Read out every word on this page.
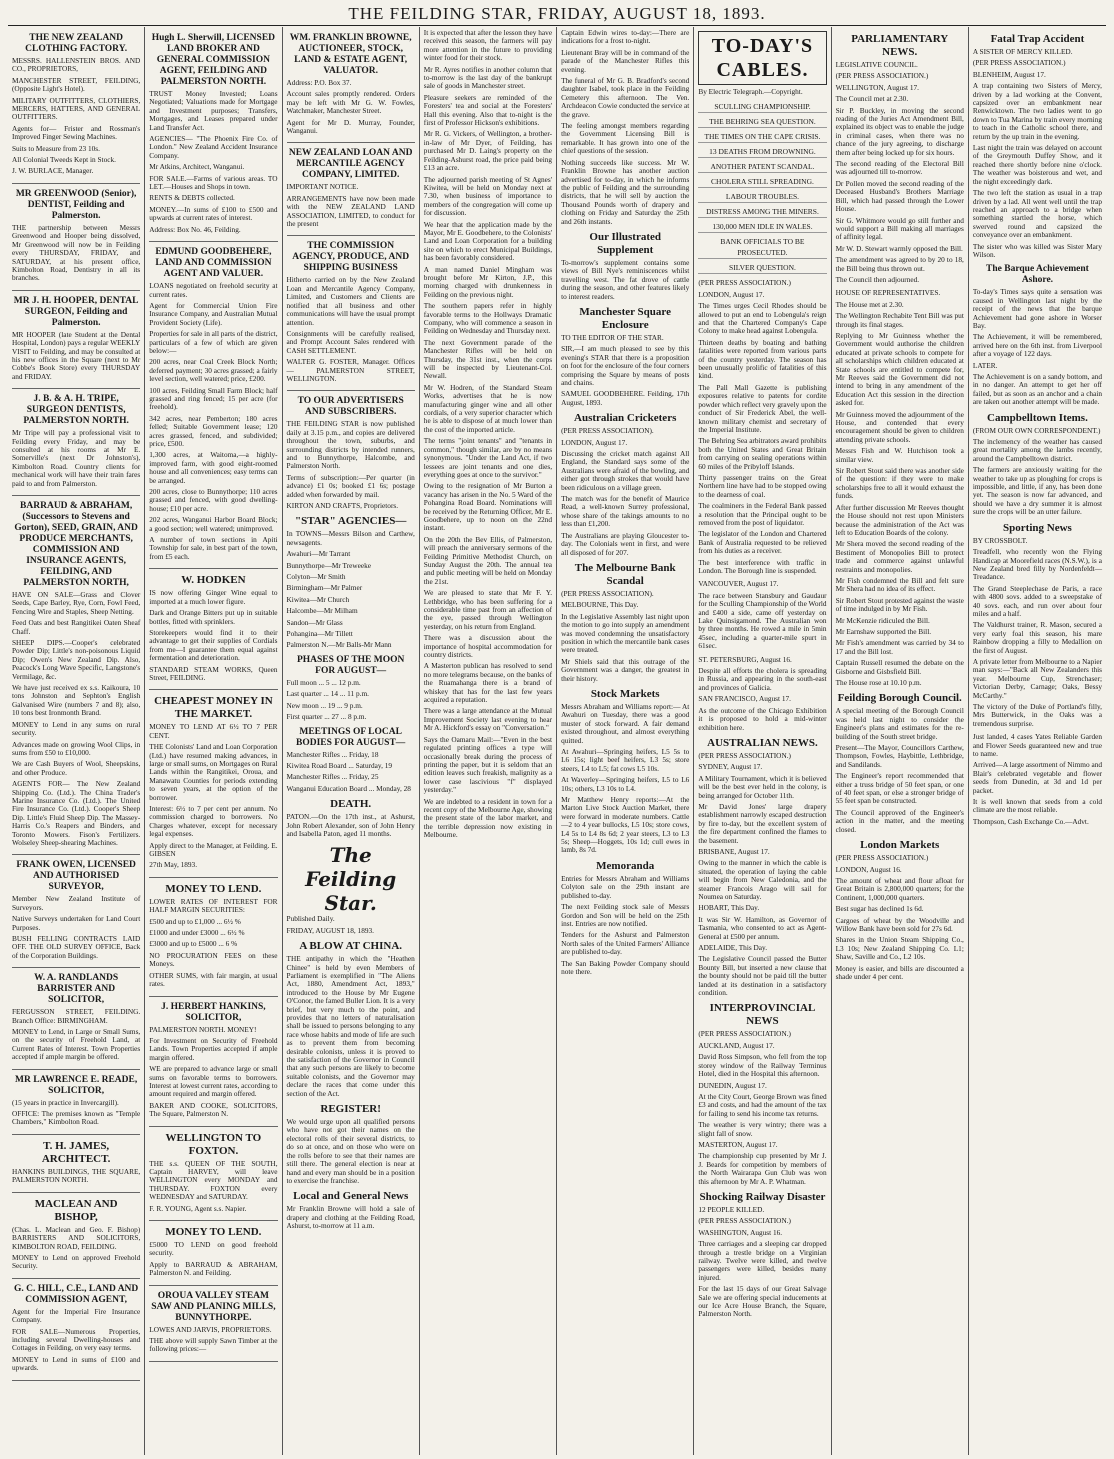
THE FEILDING STAR, FRIDAY, AUGUST 18, 1893.
THE NEW ZEALAND CLOTHING FACTORY.

MESSRS. HALLENSTEIN BROS. AND CO., PROPRIETORS,

MANCHESTER STREET, FEILDING, (Opposite Light's Hotel).

MILITARY OUTFITTERS, CLOTHIERS, MERCERS, HATTERS, AND GENERAL OUTFITTERS.

Agents for— Frister and Rossman's Improved Finger Sewing Machines.

Suits to Measure from 23 10s.

All Colonial Tweeds Kept in Stock.

J. W. BURLACE, Manager.

MR GREENWOOD (Senior), DENTIST, Feilding and Palmerston.

THE partnership between Messrs Greenwood and Hooper being dissolved, Mr Greenwood will now be in Feilding every THURSDAY, FRIDAY, and SATURDAY, at his present office, Kimbolton Road, Dentistry in all its branches.

MR J. H. HOOPER, DENTAL SURGEON, Feilding and Palmerston.

MR HOOPER (late Student at the Dental Hospital, London) pays a regular WEEKLY VISIT to Feilding, and may be consulted at his new offices in the Square (next to Mr Cobbe's Book Store) every THURSDAY and FRIDAY.

J. B. & A. H. TRIPE, SURGEON DENTISTS, PALMERSTON NORTH.

Mr Tripe will pay a professional visit to Feilding every Friday, and may be consulted at his rooms at Mr E. Somerville's (next Dr Johnston's), Kimbolton Road. Country clients for mechanical work will have their train fares paid to and from Palmerston.

BARRAUD & ABRAHAM, (Successors to Stevens and Gorton), SEED, GRAIN, AND PRODUCE MERCHANTS, COMMISSION AND INSURANCE AGENTS, FEILDING, AND PALMERSTON NORTH,

HAVE ON SALE—Grass and Clover Seeds, Cape Barley, Rye, Corn, Fowl Feed, Fencing Wire and Staples, Sheep Netting.

Feed Oats and best Rangitikei Oaten Sheaf Chaff.

SHEEP DIPS.—Cooper's celebrated Powder Dip; Little's non-poisonous Liquid Dip; Owen's New Zealand Dip. Also, Peacock's Long Wave Specific, Langstone's Vermilage, &c.

We have just received ex s.s. Kaikoura, 10 tons Johnston and Sephton's English Galvanised Wire (numbers 7 and 8); also, 10 tons best Ironmonth Brand.

MONEY to Lend in any sums on rural security.

Advances made on growing Wool Clips, in sums from £50 to £10,000.

We are Cash Buyers of Wool, Sheepskins, and other Produce.

AGENTS FOR— The New Zealand Shipping Co. (Ltd.). The China Trader's Marine Insurance Co. (Ltd.). The United Fire Insurance Co. (Ltd.). Cooper's Sheep Dip. Little's Fluid Sheep Dip. The Massey-Harris Co.'s Reapers and Binders, and Toronto Mowers. Fison's Fertilizers. Wolseley Sheep-shearing Machines.

FRANK OWEN, LICENSED AND AUTHORISED SURVEYOR,

Member New Zealand Institute of Surveyors.

Native Surveys undertaken for Land Court Purposes.

BUSH FELLING CONTRACTS LAID OFF. THE OLD SURVEY OFFICE, Back of the Corporation Buildings.

W. A. RANDLANDS BARRISTER AND SOLICITOR,

FERGUSSON STREET, FEILDING. Branch Office: BIRMINGHAM.

MONEY to Lend, in Large or Small Sums, on the security of Freehold Land, at Current Rates of Interest. Town Properties accepted if ample margin be offered.

MR LAWRENCE E. READE, SOLICITOR,

(15 years in practice in Invercargill).

OFFICE: The premises known as "Temple Chambers," Kimbolton Road.

T. H. JAMES, ARCHITECT.

HANKINS BUILDINGS, THE SQUARE, PALMERSTON NORTH.

MACLEAN AND BISHOP,

(Chas. L. Maclean and Geo. F. Bishop) BARRISTERS AND SOLICITORS, KIMBOLTON ROAD, FEILDING.

MONEY to Lend on approved Freehold Security.

G. C. HILL, C.E., LAND AND COMMISSION AGENT,

Agent for the Imperial Fire Insurance Company.

FOR SALE—Numerous Properties, including several Dwelling-houses and Cottages in Feilding, on very easy terms.

MONEY to Lend in sums of £100 and upwards.

Hugh L. Sherwill, LICENSED LAND BROKER AND GENERAL COMMISSION AGENT, FEILDING AND PALMERSTON NORTH.

TRUST Money Invested; Loans Negotiated; Valuations made for Mortgage and Investment purposes; Transfers, Mortgages, and Leases prepared under Land Transfer Act.

AGENCIES— "The Phoenix Fire Co. of London." New Zealand Accident Insurance Company.

Mr Atkins, Architect, Wanganui.

FOR SALE.—Farms of various areas. TO LET.—Houses and Shops in town.

RENTS & DEBTS collected.

MONEY.—In sums of £100 to £500 and upwards at current rates of interest.

Address: Box No. 46, Feilding.

EDMUND GOODBEHERE, LAND AND COMMISSION AGENT AND VALUER.

LOANS negotiated on freehold security at current rates.

Agent for Commercial Union Fire Insurance Company, and Australian Mutual Provident Society (Life).

Properties for sale in all parts of the district, particulars of a few of which are given below:—

200 acres, near Coal Creek Block North; deferred payment; 30 acres grassed; a fairly level section, well watered; price, £200.

100 acres, Feilding Small Farm Block; half grassed and ring fenced; 15 per acre (for freehold).

342 acres, near Pemberton; 180 acres felled; Suitable Government lease; 120 acres grassed, fenced, and subdivided; price, £500.

1,300 acres, at Waitoma,—a highly-improved farm, with good eight-roomed house and all conveniences; easy terms can be arranged.

200 acres, close to Bunnythorpe; 110 acres grassed and fenced, with good dwelling-house; £10 per acre.

202 acres, Wanganui Harbor Board Block; a good section; well watered; unimproved.

A number of town sections in Apiti Township for sale, in best part of the town, from £5 each.

W. HODKEN

IS now offering Ginger Wine equal to imported at a much lower figure.

Dark and Orange Bitters put up in suitable bottles, fitted with sprinklers.

Storekeepers would find it to their advantage to get their supplies of Cordials from me—I guarantee them equal against fermentation and deterioration.

STANDARD STEAM WORKS, Queen Street, FEILDING.

CHEAPEST MONEY IN THE MARKET.

MONEY TO LEND AT 6½ TO 7 PER CENT.

THE Colonists' Land and Loan Corporation (Ltd.) have resumed making advances, in large or small sums, on Mortgages on Rural Lands within the Rangitikei, Oroua, and Manawatu Counties for periods extending to seven years, at the option of the borrower.

Interest: 6½ to 7 per cent per annum. No commission charged to borrowers. No Charges whatever, except for necessary legal expenses.

Apply direct to the Manager, at Feilding. E. GIBSEN

27th May, 1893.

MONEY TO LEND.

LOWER RATES OF INTEREST FOR HALF MARGIN SECURITIES:

£500 and up to £1,000 ... 6½ %

£1000 and under £3000 ... 6½ %

£3000 and up to £5000 ... 6 %

NO PROCURATION FEES on these Moneys.

OTHER SUMS, with fair margin, at usual rates.

J. HERBERT HANKINS, SOLICITOR,

PALMERSTON NORTH. MONEY!

For Investment on Security of Freehold Lands. Town Properties accepted if ample margin offered.

WE are prepared to advance large or small sums on favorable terms to borrowers. Interest at lowest current rates, according to amount required and margin offered.

BAKER AND COOKE, SOLICITORS, The Square, Palmerston N.

WELLINGTON TO FOXTON.

THE s.s. QUEEN OF THE SOUTH, Captain HARVEY, will leave WELLINGTON every MONDAY and THURSDAY. FOXTON every WEDNESDAY and SATURDAY.

F. R. YOUNG, Agent s.s. Napier.

MONEY TO LEND.

£5000 TO LEND on good freehold security.

Apply to BARRAUD & ABRAHAM, Palmerston N. and Feilding.

OROUA VALLEY STEAM SAW AND PLANING MILLS, BUNNYTHORPE.

LOWES AND JARVIS, PROPRIETORS.

THE above will supply Sawn Timber at the following prices:—

WM. FRANKLIN BROWNE, AUCTIONEER, STOCK, LAND & ESTATE AGENT, VALUATOR.

Address: P.O. Box 37.

Account sales promptly rendered. Orders may be left with Mr G. W. Fowles, Watchmaker, Manchester Street.

Agent for Mr D. Murray, Founder, Wanganui.

NEW ZEALAND LOAN AND MERCANTILE AGENCY COMPANY, LIMITED.

IMPORTANT NOTICE.

ARRANGEMENTS have now been made with the NEW ZEALAND LAND ASSOCIATION, LIMITED, to conduct for the present

THE COMMISSION AGENCY, PRODUCE, AND SHIPPING BUSINESS

Hitherto carried on by the New Zealand Loan and Mercantile Agency Company, Limited, and Customers and Clients are notified that all business and other communications will have the usual prompt attention.

Consignments will be carefully realised, and Prompt Account Sales rendered with CASH SETTLEMENT.

WALTER G. FOSTER, Manager. Offices— PALMERSTON STREET, WELLINGTON.

TO OUR ADVERTISERS AND SUBSCRIBERS.

THE FEILDING STAR is now published daily at 3.15 p.m., and copies are delivered throughout the town, suburbs, and surrounding districts by intended runners, and to Bunnythorpe, Halcombe, and Palmerston North.

Terms of subscription:—Per quarter (in advance) £1 0s; booked £1 6s; postage added when forwarded by mail.

KIRTON AND CRAFTS, Proprietors.

"STAR" AGENCIES—

In TOWNS—Messrs Bilson and Carthew, newsagents.

Awahuri—Mr Tarrant

Bunnythorpe—Mr Treweeke

Colyton—Mr Smith

Birmingham—Mr Palmer

Kiwitea—Mr Church

Halcombe—Mr Milham

Sandon—Mr Glass

Pohangina—Mr Tillett

Palmerston N.—Mr Balls-Mr Mann

PHASES OF THE MOON FOR AUGUST—

Full moon ... 5 ... 12 p.m.

Last quarter ... 14 ... 11 p.m.

New moon ... 19 ... 9 p.m.

First quarter ... 27 ... 8 p.m.

MEETINGS OF LOCAL BODIES FOR AUGUST—

Manchester Rifles ... Friday, 18

Kiwitea Road Board ... Saturday, 19

Manchester Rifles ... Friday, 25

Wanganui Education Board ... Monday, 28

DEATH.

PATON.—On the 17th inst., at Ashurst, John Robert Alexander, son of John Henry and Isabella Paton, aged 11 months.

The Feilding Star.

Published Daily.

FRIDAY, AUGUST 18, 1893.

A BLOW AT CHINA.

THE antipathy in which the "Heathen Chinee" is held by even Members of Parliament is exemplified in "The Aliens Act, 1880, Amendment Act, 1893," introduced to the House by Mr Eugene O'Conor, the famed Buller Lion. It is a very brief, but very much to the point, and provides that no letters of naturalisation shall be issued to persons belonging to any race whose habits and mode of life are such as to prevent them from becoming desirable colonists, unless it is proved to the satisfaction of the Governor in Council that any such persons are likely to become suitable colonists, and the Governor may declare the races that come under this section of the Act.

REGISTER!

We would urge upon all qualified persons who have not got their names on the electoral rolls of their several districts, to do so at once, and on those who were on the rolls before to see that their names are still there. The general election is near at hand and every man should be in a position to exercise the franchise.

Local and General News

Mr Franklin Browne will hold a sale of drapery and clothing at the Feilding Road, Ashurst, to-morrow at 11 a.m.

It is expected that after the lesson they have received this season, the farmers will pay more attention in the future to providing winter food for their stock.

Mr R. Ayres notifies in another column that to-morrow is the last day of the bankrupt sale of goods in Manchester street.

Pleasure seekers are reminded of the Foresters' tea and social at the Foresters' Hall this evening. Also that to-night is the first of Professor Hickson's exhibitions.

Mr R. G. Vickers, of Wellington, a brother-in-law of Mr Dyer, of Feilding, has purchased Mr D. Laing's property on the Feilding-Ashurst road, the price paid being £13 an acre.

The adjourned parish meeting of St Agnes' Kiwitea, will be held on Monday next at 7.30, when business of importance to members of the congregation will come up for discussion.

We hear that the application made by the Mayor, Mr E. Goodbehere, to the Colonists' Land and Loan Corporation for a building site on which to erect Municipal Buildings, has been favorably considered.

A man named Daniel Mingham was brought before Mr Kirton, J.P., this morning charged with drunkenness in Feilding on the previous night.

The southern papers refer in highly favorable terms to the Hollways Dramatic Company, who will commence a season in Feilding on Wednesday and Thursday next.

The next Government parade of the Manchester Rifles will be held on Thursday, the 31st inst., when the corps will be inspected by Lieutenant-Col. Newall.

Mr W. Hodren, of the Standard Steam Works, advertises that he is now manufacturing ginger wine and all other cordials, of a very superior character which he is able to dispose of at much lower than the cost of the imported article.

The terms "joint tenants" and "tenants in common," though similar, are by no means synonymous. "Under the Land Act, if two lessees are joint tenants and one dies, everything goes at once to the survivor."

Owing to the resignation of Mr Burton a vacancy has arisen in the No. 5 Ward of the Pohangina Road Board. Nominations will be received by the Returning Officer, Mr E. Goodbehere, up to noon on the 22nd instant.

On the 20th the Bev Ellis, of Palmerston, will preach the anniversary sermons of the Feilding Primitive Methodist Church, on Sunday August the 20th. The annual tea and public meeting will be held on Monday the 21st.

We are pleased to state that Mr F. Y. Lethbridge, who has been suffering for a considerable time past from an affection of the eye, passed through Wellington yesterday, on his return from England.

There was a discussion about the importance of hospital accommodation for country districts.

A Masterton publican has resolved to send no more telegrams because, on the banks of the Ruamahanga there is a brand of whiskey that has for the last few years acquired a reputation.

There was a large attendance at the Mutual Improvement Society last evening to hear Mr A. Hickford's essay on "Conversation."

Says the Oamaru Mail:—"Even in the best regulated printing offices a type will occasionally break during the process of printing the paper, but it is seldom that an edition leaves such freakish, malignity as a lower case lascivious "f" displayed yesterday."

We are indebted to a resident in town for a recent copy of the Melbourne Age, showing the present state of the labor market, and the terrible depression now existing in Melbourne.

Captain Edwin wires to-day:—There are indications for a frost to-night.

Lieutenant Bray will be in command of the parade of the Manchester Rifles this evening.

The funeral of Mr G. B. Bradford's second daughter Isabel, took place in the Feilding Cemetery this afternoon. The Ven. Archdeacon Cowie conducted the service at the grave.

The feeling amongst members regarding the Government Licensing Bill is remarkable. It has grown into one of the chief questions of the session.

Nothing succeeds like success. Mr W. Franklin Browne has another auction advertised for to-day, in which he informs the public of Feilding and the surrounding districts, that he will sell by auction the Thousand Pounds worth of drapery and clothing on Friday and Saturday the 25th and 26th instants.

Our Illustrated Supplement

To-morrow's supplement contains some views of Bill Nye's reminiscences whilst travelling west. The fat drove of cattle during the season, and other features likely to interest readers.

Manchester Square Enclosure

TO THE EDITOR OF THE STAR.

SIR,—I am much pleased to see by this evening's STAR that there is a proposition on foot for the enclosure of the four corners comprising the Square by means of posts and chains.

SAMUEL GOODBEHERE. Feilding, 17th August, 1893.

Australian Cricketers

(PER PRESS ASSOCIATION).

LONDON, August 17.

Discussing the cricket match against All England, the Standard says some of the Australians were afraid of the bowling, and either got through strokes that would have been ridiculous on a village green.

The match was for the benefit of Maurice Read, a well-known Surrey professional, whose share of the takings amounts to no less than £1,200.

The Australians are playing Gloucester to-day. The Colonials went in first, and were all disposed of for 207.

The Melbourne Bank Scandal

(PER PRESS ASSOCIATION).

MELBOURNE, This Day.

In the Legislative Assembly last night upon the motion to go into supply an amendment was moved condemning the unsatisfactory position in which the mercantile bank cases were treated.

Mr Shiels said that this outrage of the Government was a danger, the greatest in their history.

Stock Markets

Messrs Abraham and Williams report:— At Awahuri on Tuesday, there was a good muster of stock forward. A fair demand existed throughout, and almost everything quitted.

At Awahuri—Springing heifers, L5 5s to L6 15s; light beef heifers, L3 5s; store steers, L4 to L5; fat cows L5 10s.

At Waverley—Springing heifers, L5 to L6 10s; others, L3 10s to L4.

Mr Matthew Henry reports:—At the Marton Live Stock Auction Market, there were forward in moderate numbers. Cattle—2 to 4 year bullocks, L5 10s; store cows, L4 5s to L4 8s 6d; 2 year steers, L3 to L3 5s; Sheep—Hoggets, 10s 1d; cull ewes in lamb, 8s 7d.

Memoranda

Entries for Messrs Abraham and Williams Colyton sale on the 29th instant are published to-day.

The next Feilding stock sale of Messrs Gordon and Son will be held on the 25th inst. Entries are now notified.

Tenders for the Ashurst and Palmerston North sales of the United Farmers' Alliance are published to-day.

The San Baking Powder Company should note there.

TO-DAY'S CABLES.

By Electric Telegraph.—Copyright.

SCULLING CHAMPIONSHIP.

THE BEHRING SEA QUESTION.

THE TIMES ON THE CAPE CRISIS.

13 DEATHS FROM DROWNING.

ANOTHER PATENT SCANDAL.

CHOLERA STILL SPREADING.

LABOUR TROUBLES.

DISTRESS AMONG THE MINERS.

130,000 MEN IDLE IN WALES.

BANK OFFICIALS TO BE PROSECUTED.

SILVER QUESTION.

(PER PRESS ASSOCIATION.)

LONDON, August 17.

The Times urges Cecil Rhodes should be allowed to put an end to Lobengula's reign and that the Chartered Company's Cape Colony to make head against Lobengula.

Thirteen deaths by boating and bathing fatalities were reported from various parts of the country yesterday. The season has been unusually prolific of fatalities of this kind.

The Pall Mall Gazette is publishing exposures relative to patents for cordite powder which reflect very gravely upon the conduct of Sir Frederick Abel, the well-known military chemist and secretary of the Imperial Institute.

The Behring Sea arbitrators award prohibits both the United States and Great Britain from carrying on sealing operations within 60 miles of the Pribyloff Islands.

Thirty passenger trains on the Great Northern line have had to be stopped owing to the dearness of coal.

The coalminers in the Federal Bank passed a resolution that the Principal ought to be removed from the post of liquidator.

The legislator of the London and Chartered Bank of Australia requested to be relieved from his duties as a receiver.

The best interference with traffic in London. The Borough line is suspended.

VANCOUVER, August 17.

The race between Stansbury and Gaudaur for the Sculling Championship of the World and £400 a side, came off yesterday on Lake Quinsigamond. The Australian won by three months. He rowed a mile in 5min 45sec, including a quarter-mile spurt in 61sec.

ST. PETERSBURG, August 16.

Despite all efforts the cholera is spreading in Russia, and appearing in the south-east and provinces of Galicia.

SAN FRANCISCO, August 17.

As the outcome of the Chicago Exhibition it is proposed to hold a mid-winter exhibition here.

AUSTRALIAN NEWS.

(PER PRESS ASSOCIATION.)

SYDNEY, August 17.

A Military Tournament, which it is believed will be the best ever held in the colony, is being arranged for October 11th.

Mr David Jones' large drapery establishment narrowly escaped destruction by fire to-day, but the excellent system of the fire department confined the flames to the basement.

BRISBANE, August 17.

Owing to the manner in which the cable is situated, the operation of laying the cable will begin from New Caledonia, and the steamer Francois Arago will sail for Noumea on Saturday.

HOBART, This Day.

It was Sir W. Hamilton, as Governor of Tasmania, who consented to act as Agent-General at £500 per annum.

ADELAIDE, This Day.

The Legislative Council passed the Butter Bounty Bill, but inserted a new clause that the bounty should not be paid till the butter landed at its destination in a satisfactory condition.

INTERPROVINCIAL NEWS

(PER PRESS ASSOCIATION.)

AUCKLAND, August 17.

David Ross Simpson, who fell from the top storey window of the Railway Terminus Hotel, died in the Hospital this afternoon.

DUNEDIN, August 17.

At the City Court, George Brown was fined £3 and costs, and had the amount of the tax for failing to send his income tax returns.

The weather is very wintry; there was a slight fall of snow.

MASTERTON, August 17.

The championship cup presented by Mr J. J. Beards for competition by members of the North Wairarapa Gun Club was won this afternoon by Mr A. P. Whatman.

Shocking Railway Disaster

12 PEOPLE KILLED.

(PER PRESS ASSOCIATION.)

WASHINGTON, August 16.

Three carriages and a sleeping car dropped through a trestle bridge on a Virginian railway. Twelve were killed, and twelve passengers were killed, besides many injured.

For the last 15 days of our Great Salvage Sale we are offering special inducements at our Ice Acre House Branch, the Square, Palmerston North.

PARLIAMENTARY NEWS.

LEGISLATIVE COUNCIL.

(PER PRESS ASSOCIATION.)

WELLINGTON, August 17.

The Council met at 2.30.

Sir P. Buckley, in moving the second reading of the Juries Act Amendment Bill, explained its object was to enable the judge in criminal cases, when there was no chance of the jury agreeing, to discharge them after being locked up for six hours.

The second reading of the Electoral Bill was adjourned till to-morrow.

Dr Pollen moved the second reading of the Deceased Husband's Brothers Marriage Bill, which had passed through the Lower House.

Sir G. Whitmore would go still further and would support a Bill making all marriages of affinity legal.

Mr W. D. Stewart warmly opposed the Bill.

The amendment was agreed to by 20 to 18, the Bill being thus thrown out.

The Council then adjourned.

HOUSE OF REPRESENTATIVES.

The House met at 2.30.

The Wellington Rechabite Tent Bill was put through its final stages.

Replying to Mr Guinness whether the Government would authorise the children educated at private schools to compete for all scholarships which children educated at State schools are entitled to compete for, Mr Reeves said the Government did not intend to bring in any amendment of the Education Act this session in the direction asked for.

Mr Guinness moved the adjournment of the House, and contended that every encouragement should be given to children attending private schools.

Messrs Fish and W. Hutchison took a similar view.

Sir Robert Stout said there was another side of the question: if they were to make scholarships free to all it would exhaust the funds.

After further discussion Mr Reeves thought the House should not rest upon Ministers because the administration of the Act was left to Education Boards of the colony.

Mr Shera moved the second reading of the Bestiment of Monopolies Bill to protect trade and commerce against unlawful restraints and monopolies.

Mr Fish condemned the Bill and felt sure Mr Shera had no idea of its effect.

Sir Robert Stout protested against the waste of time indulged in by Mr Fish.

Mr McKenzie ridiculed the Bill.

Mr Earnshaw supported the Bill.

Mr Fish's amendment was carried by 34 to 17 and the Bill lost.

Captain Russell resumed the debate on the Gisborne and Gisbsfield Bill.

The House rose at 10.10 p.m.

Feilding Borough Council.

A special meeting of the Borough Council was held last night to consider the Engineer's plans and estimates for the re-building of the South street bridge.

Present—The Mayor, Councillors Carthew, Thompson, Fowles, Haybittle, Lethbridge, and Sandilands.

The Engineer's report recommended that either a truss bridge of 50 feet span, or one of 40 feet span, or else a stronger bridge of 55 feet span be constructed.

The Council approved of the Engineer's action in the matter, and the meeting closed.

London Markets

(PER PRESS ASSOCIATION.)

LONDON, August 16.

The amount of wheat and flour afloat for Great Britain is 2,800,000 quarters; for the Continent, 1,000,000 quarters.

Best sugar has declined 1s 6d.

Cargoes of wheat by the Woodville and Willow Bank have been sold for 27s 6d.

Shares in the Union Steam Shipping Co., L3 10s; New Zealand Shipping Co. L1; Shaw, Saville and Co., L2 10s.

Money is easier, and bills are discounted a shade under 4 per cent.

Fatal Trap Accident

A SISTER OF MERCY KILLED.

(PER PRESS ASSOCIATION.)

BLENHEIM, August 17.

A trap containing two Sisters of Mercy, driven by a lad working at the Convent, capsized over an embankment near Renwicktown. The two ladies went to go down to Tua Marina by train every morning to teach in the Catholic school there, and return by the up train in the evening.

Last night the train was delayed on account of the Greymouth Duffey Show, and it reached there shortly before nine o'clock. The weather was boisterous and wet, and the night exceedingly dark.

The two left the station as usual in a trap driven by a lad. All went well until the trap reached an approach to a bridge when something startled the horse, which swerved round and capsized the conveyance over an embankment.

The sister who was killed was Sister Mary Wilson.

The Barque Achievement Ashore.

To-day's Times says quite a sensation was caused in Wellington last night by the receipt of the news that the barque Achievement had gone ashore in Worser Bay.

The Achievement, it will be remembered, arrived here on the 6th inst. from Liverpool after a voyage of 122 days.

LATER.

The Achievement is on a sandy bottom, and in no danger. An attempt to get her off failed, but as soon as an anchor and a chain are taken out another attempt will be made.

Campbelltown Items.

(FROM OUR OWN CORRESPONDENT.)

The inclemency of the weather has caused great mortality among the lambs recently, around the Campbelltown district.

The farmers are anxiously waiting for the weather to take up as ploughing for crops is impossible, and little, if any, has been done yet. The season is now far advanced, and should we have a dry summer it is almost sure the crops will be an utter failure.

Sporting News

BY CROSSBOLT.

Treadfell, who recently won the Flying Handicap at Moorefield races (N.S.W.), is a New Zealand bred filly by Nordenfeldt—Treadance.

The Grand Steeplechase de Paris, a race with 4800 sovs. added to a sweepstake of 40 sovs. each, and run over about four miles and a half.

The Valdhurst trainer, R. Mason, secured a very early foal this season, his mare Rainbow dropping a filly to Medallion on the first of August.

A private letter from Melbourne to a Napier man says:—"Back all New Zealanders this year. Melbourne Cup, Strenchaser; Victorian Derby, Carnage; Oaks, Bessy McCarthy."

The victory of the Duke of Portland's filly, Mrs Butterwick, in the Oaks was a tremendous surprise.

Just landed, 4 cases Yates Reliable Garden and Flower Seeds guaranteed new and true to name.

Arrived—A large assortment of Nimmo and Blair's celebrated vegetable and flower seeds from Dunedin, at 3d and 1d per packet.

It is well known that seeds from a cold climate are the most reliable.

Thompson, Cash Exchange Co.—Advt.
